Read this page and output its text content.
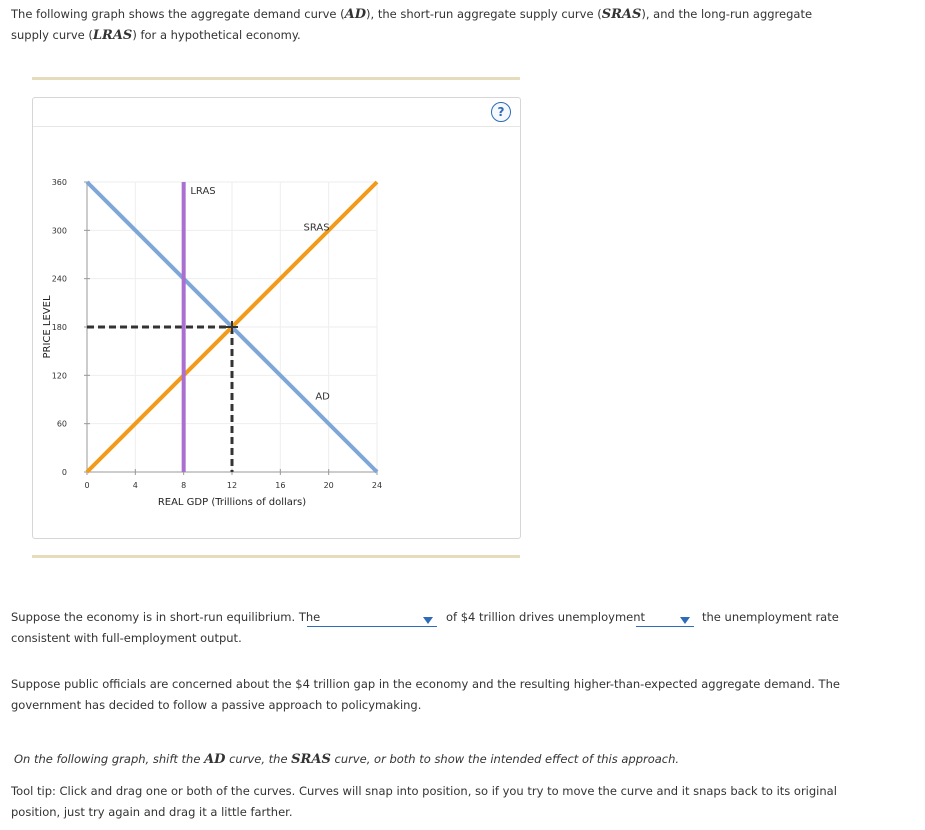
The following graph shows the aggregate demand curve (AD), the short-run aggregate supply curve (SRAS), and the long-run aggregate supply curve (LRAS) for a hypothetical economy.

?
0	4	8	12	16	20	24
0
60
120
180
240
300
360
REAL GDP (Trillions of dollars)
PRICE LEVEL
LRAS
SRAS
AD
Suppose the economy is in short-run equilibrium. The	of $4 trillion drives unemployment	the unemployment rate
consistent with full-employment output.

Suppose public officials are concerned about the $4 trillion gap in the economy and the resulting higher-than-expected aggregate demand. The government has decided to follow a passive approach to policymaking.

On the following graph, shift the AD curve, the SRAS curve, or both to show the intended effect of this approach.

Tool tip: Click and drag one or both of the curves. Curves will snap into position, so if you try to move the curve and it snaps back to its original position, just try again and drag it a little farther.
